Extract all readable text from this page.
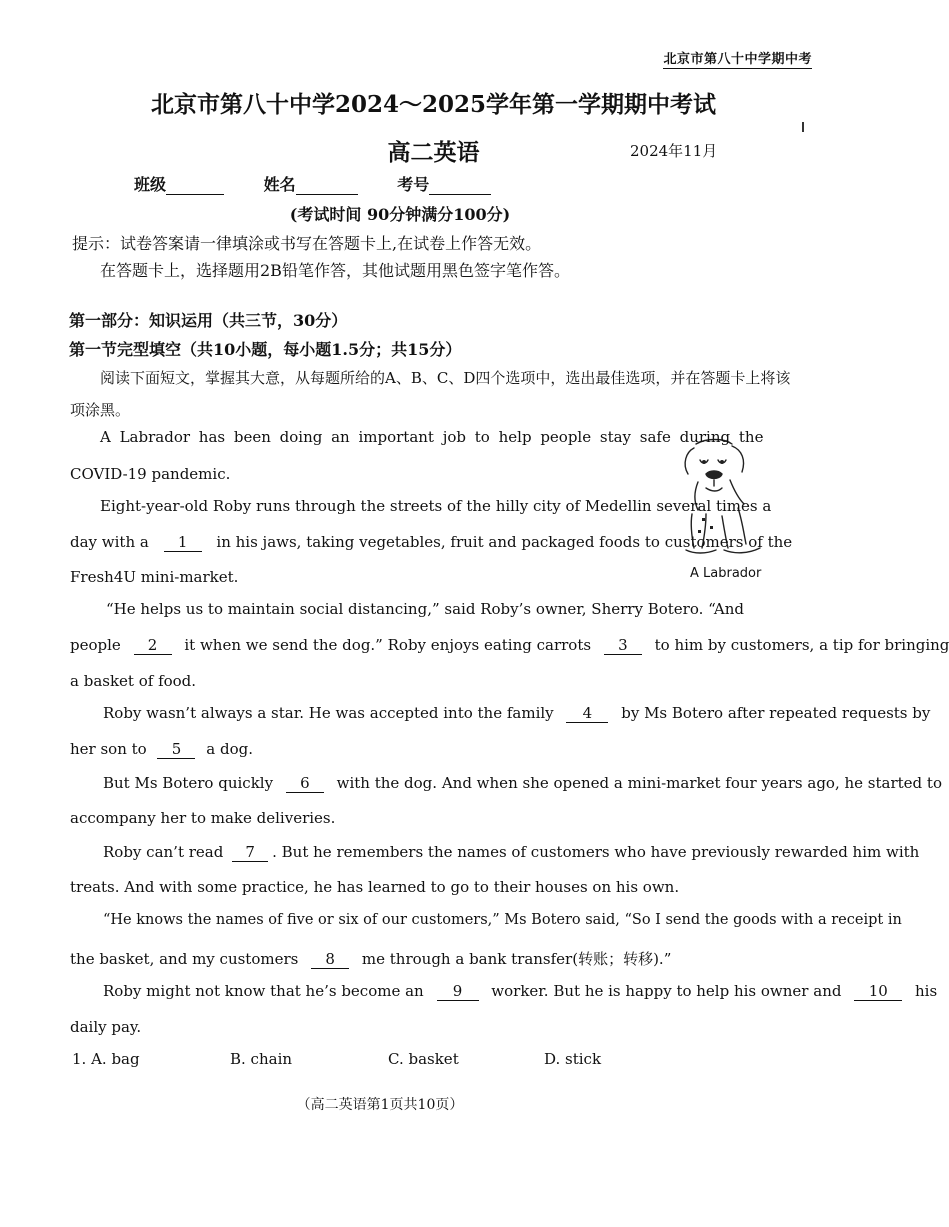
北京市第八十中学期中考
北京市第八十中学2024～2025学年第一学期期中考试
高二英语	2024年11月
班级	姓名	考号
(考试时间 90分钟满分100分)
提示：试卷答案请一律填涂或书写在答题卡上,在试卷上作答无效。
在答题卡上，选择题用2B铅笔作答，其他试题用黑色签字笔作答。
第一部分：知识运用（共三节，30分）
第一节完型填空（共10小题，每小题1.5分；共15分）
阅读下面短文，掌握其大意，从每题所给的A、B、C、D四个选项中，选出最佳选项，并在答题卡上将该项涂黑。
A Labrador
A Labrador has been doing an important job to help people stay safe during the
COVID-19 pandemic.
Eight-year-old Roby runs through the streets of the hilly city of Medellin several times a
day with a 1 in his jaws, taking vegetables, fruit and packaged foods to customers of the
Fresh4U mini-market.
“He helps us to maintain social distancing,” said Roby’s owner, Sherry Botero. “And
people 2 it when we send the dog.” Roby enjoys eating carrots 3 to him by customers, a tip for bringing
a basket of food.
Roby wasn’t always a star. He was accepted into the family 4 by Ms Botero after repeated requests by
her son to 5 a dog.
But Ms Botero quickly 6 with the dog. And when she opened a mini-market four years ago, he started to
accompany her to make deliveries.
Roby can’t read 7 . But he remembers the names of customers who have previously rewarded him with
treats. And with some practice, he has learned to go to their houses on his own.
“He knows the names of five or six of our customers,” Ms Botero said, “So I send the goods with a receipt in
the basket, and my customers 8 me through a bank transfer(转账；转移).”
Roby might not know that he’s become an 9 worker. But he is happy to help his owner and 10 his
daily pay.
1. A. bag	B. chain	C. basket	D. stick
（高二英语第1页共10页）
